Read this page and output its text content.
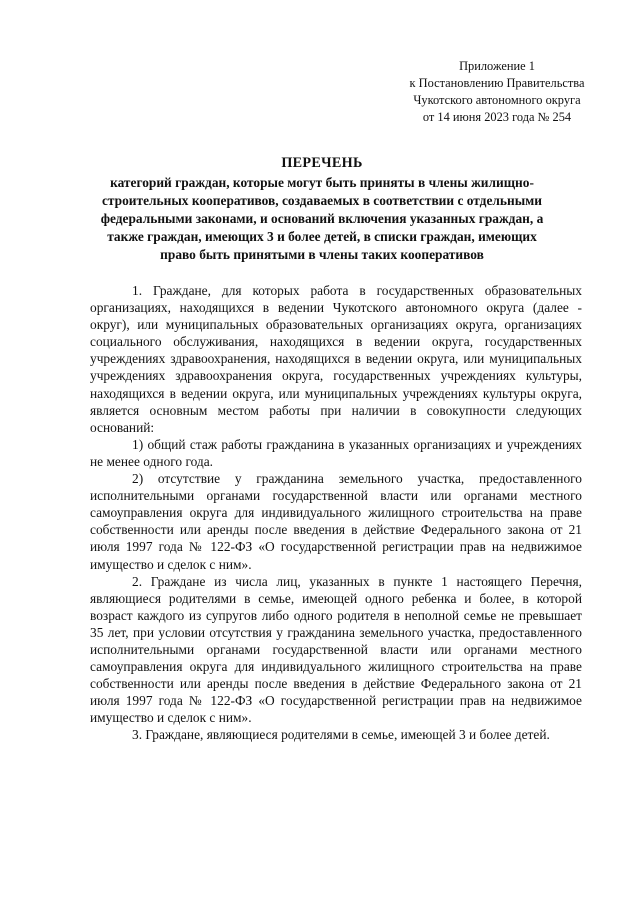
Приложение 1
к Постановлению Правительства
Чукотского автономного округа
от 14 июня 2023 года № 254
ПЕРЕЧЕНЬ
категорий граждан, которые могут быть приняты в члены жилищно-
строительных кооперативов, создаваемых в соответствии с отдельными
федеральными законами, и оснований включения указанных граждан, а
также граждан, имеющих 3 и более детей, в списки граждан, имеющих
право быть принятыми в члены таких кооперативов

1. Граждане, для которых работа в государственных образовательных организациях, находящихся в ведении Чукотского автономного округа (далее - округ), или муниципальных образовательных организациях округа, организациях социального обслуживания, находящихся в ведении округа, государственных учреждениях здравоохранения, находящихся в ведении округа, или муниципальных учреждениях здравоохранения округа, государственных учреждениях культуры, находящихся в ведении округа, или муниципальных учреждениях культуры округа, является основным местом работы при наличии в совокупности следующих оснований:

1) общий стаж работы гражданина в указанных организациях и учреждениях не менее одного года.

2) отсутствие у гражданина земельного участка, предоставленного исполнительными органами государственной власти или органами местного самоуправления округа для индивидуального жилищного строительства на праве собственности или аренды после введения в действие Федерального закона от 21 июля 1997 года № 122-ФЗ «О государственной регистрации прав на недвижимое имущество и сделок с ним».

2. Граждане из числа лиц, указанных в пункте 1 настоящего Перечня, являющиеся родителями в семье, имеющей одного ребенка и более, в которой возраст каждого из супругов либо одного родителя в неполной семье не превышает 35 лет, при условии отсутствия у гражданина земельного участка, предоставленного исполнительными органами государственной власти или органами местного самоуправления округа для индивидуального жилищного строительства на праве собственности или аренды после введения в действие Федерального закона от 21 июля 1997 года № 122-ФЗ «О государственной регистрации прав на недвижимое имущество и сделок с ним».

3. Граждане, являющиеся родителями в семье, имеющей 3 и более детей.
